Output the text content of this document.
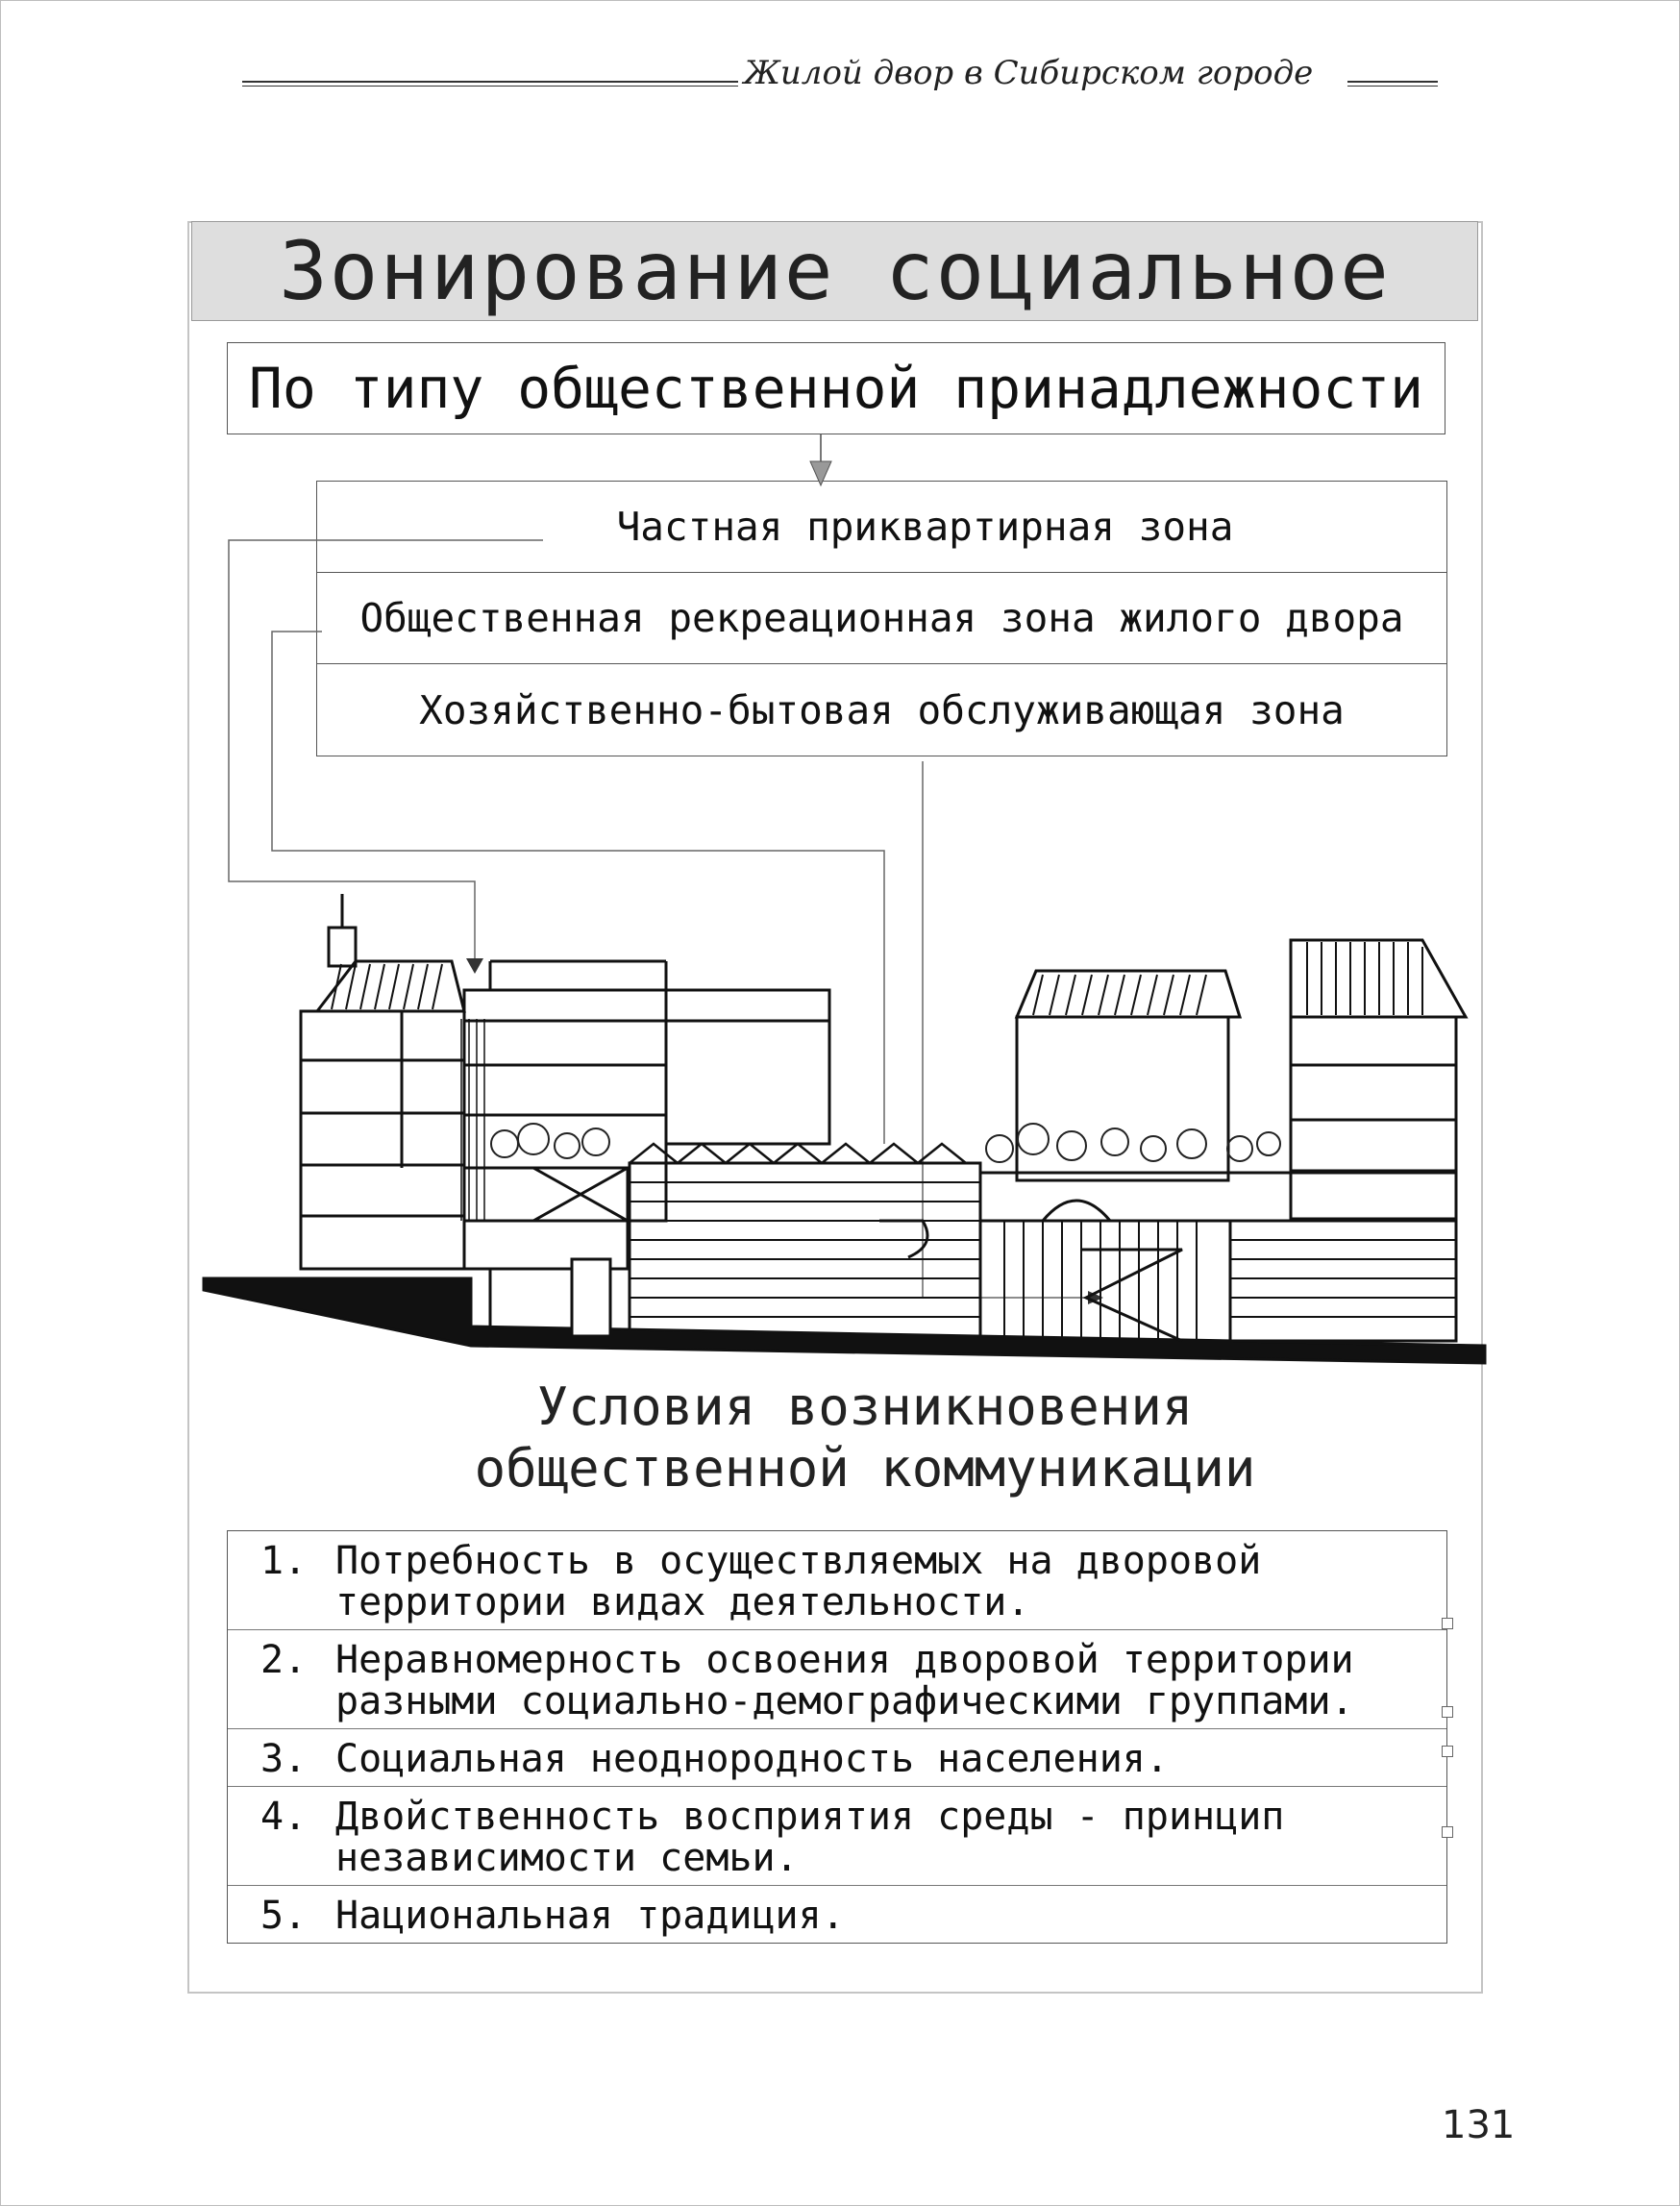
Жилой двор в Сибирском городе
Зонирование социальное
По типу общественной принадлежности
Частная приквартирная зона
Общественная рекреационная зона жилого двора
Хозяйственно-бытовая обслуживающая зона
Условия возникновения
общественной коммуникации
1. Потребность в осуществляемых на дворовой территории видах деятельности.
2. Неравномерность освоения дворовой территории разными социально-демографическими группами.
3. Социальная неоднородность населения.
4. Двойственность восприятия среды - принцип независимости семьи.
5. Национальная традиция.
131
